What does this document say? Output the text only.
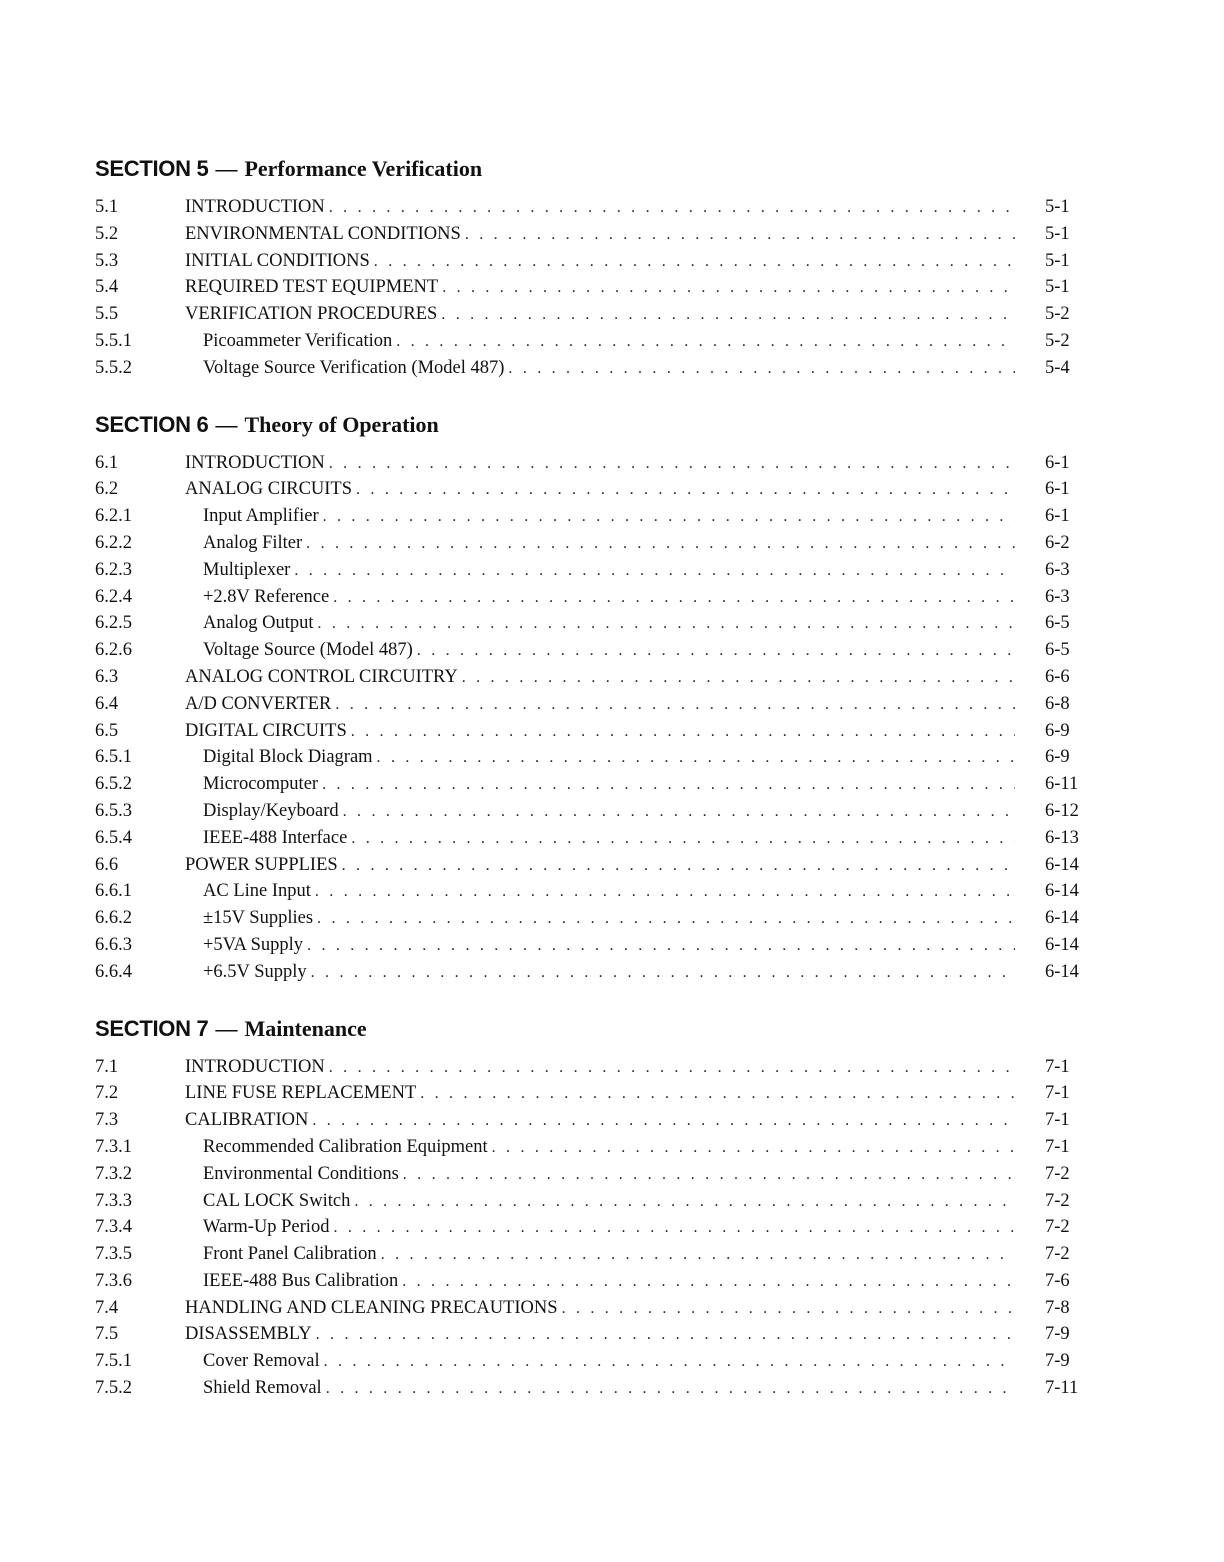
SECTION 5 — Performance Verification
5.1	INTRODUCTION . . .	5-1
5.2	ENVIRONMENTAL CONDITIONS . . .	5-1
5.3	INITIAL CONDITIONS . . .	5-1
5.4	REQUIRED TEST EQUIPMENT . . .	5-1
5.5	VERIFICATION PROCEDURES . . .	5-2
5.5.1	Picoammeter Verification . . .	5-2
5.5.2	Voltage Source Verification (Model 487) . . .	5-4
SECTION 6 — Theory of Operation
6.1	INTRODUCTION . . .	6-1
6.2	ANALOG CIRCUITS . . .	6-1
6.2.1	Input Amplifier . . .	6-1
6.2.2	Analog Filter . . .	6-2
6.2.3	Multiplexer . . .	6-3
6.2.4	+2.8V Reference . . .	6-3
6.2.5	Analog Output . . .	6-5
6.2.6	Voltage Source (Model 487) . . .	6-5
6.3	ANALOG CONTROL CIRCUITRY . . .	6-6
6.4	A/D CONVERTER . . .	6-8
6.5	DIGITAL CIRCUITS . . .	6-9
6.5.1	Digital Block Diagram . . .	6-9
6.5.2	Microcomputer . . .	6-11
6.5.3	Display/Keyboard . . .	6-12
6.5.4	IEEE-488 Interface . . .	6-13
6.6	POWER SUPPLIES . . .	6-14
6.6.1	AC Line Input . . .	6-14
6.6.2	±15V Supplies . . .	6-14
6.6.3	+5VA Supply . . .	6-14
6.6.4	+6.5V Supply . . .	6-14
SECTION 7 — Maintenance
7.1	INTRODUCTION . . .	7-1
7.2	LINE FUSE REPLACEMENT . . .	7-1
7.3	CALIBRATION . . .	7-1
7.3.1	Recommended Calibration Equipment . . .	7-1
7.3.2	Environmental Conditions . . .	7-2
7.3.3	CAL LOCK Switch . . .	7-2
7.3.4	Warm-Up Period . . .	7-2
7.3.5	Front Panel Calibration . . .	7-2
7.3.6	IEEE-488 Bus Calibration . . .	7-6
7.4	HANDLING AND CLEANING PRECAUTIONS . . .	7-8
7.5	DISASSEMBLY . . .	7-9
7.5.1	Cover Removal . . .	7-9
7.5.2	Shield Removal . . .	7-11
